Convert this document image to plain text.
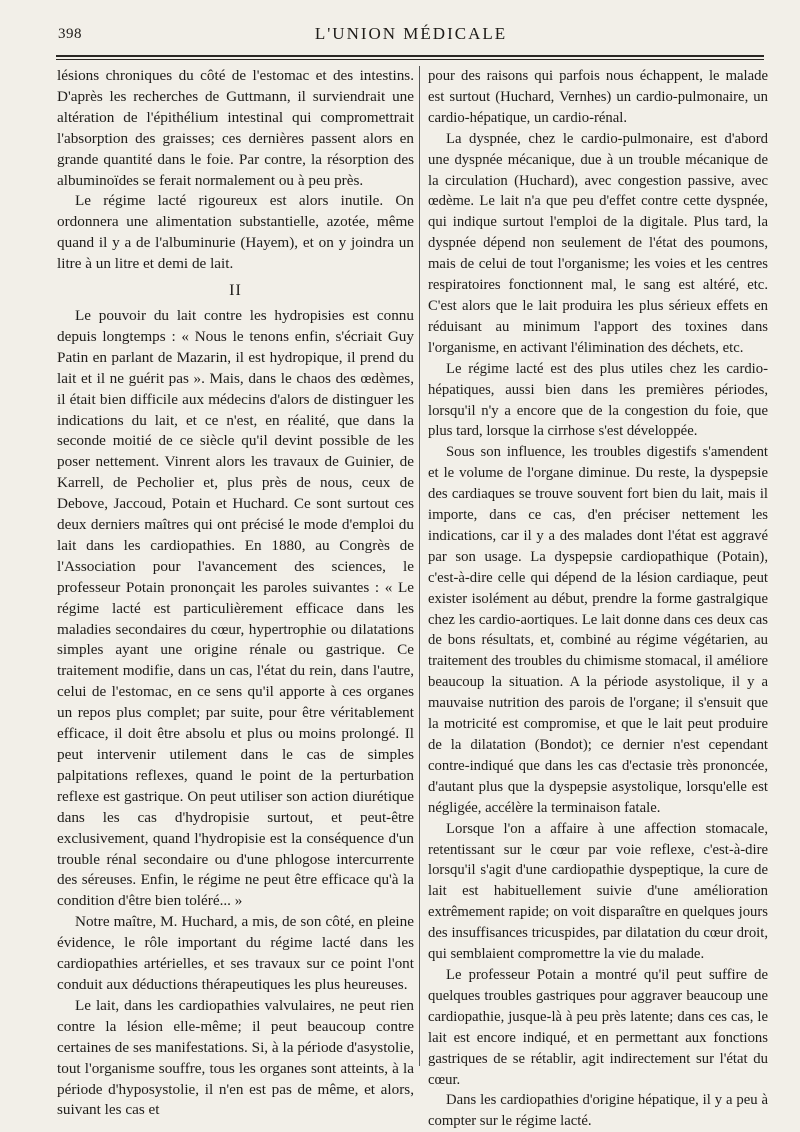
398	L'UNION MÉDICALE

lésions chroniques du côté de l'estomac et des intestins. D'après les recherches de Guttmann, il surviendrait une altération de l'épithélium intestinal qui compromettrait l'absorption des graisses; ces dernières passent alors en grande quantité dans le foie. Par contre, la résorption des albuminoïdes se ferait normalement ou à peu près.

Le régime lacté rigoureux est alors inutile. On ordonnera une alimentation substantielle, azotée, même quand il y a de l'albuminurie (Hayem), et on y joindra un litre à un litre et demi de lait.

II

Le pouvoir du lait contre les hydropisies est connu depuis longtemps : « Nous le tenons enfin, s'écriait Guy Patin en parlant de Mazarin, il est hydropique, il prend du lait et il ne guérit pas ». Mais, dans le chaos des œdèmes, il était bien difficile aux médecins d'alors de distinguer les indications du lait, et ce n'est, en réalité, que dans la seconde moitié de ce siècle qu'il devint possible de les poser nettement. Vinrent alors les travaux de Guinier, de Karrell, de Pecholier et, plus près de nous, ceux de Debove, Jaccoud, Potain et Huchard. Ce sont surtout ces deux derniers maîtres qui ont précisé le mode d'emploi du lait dans les cardiopathies. En 1880, au Congrès de l'Association pour l'avancement des sciences, le professeur Potain prononçait les paroles suivantes : « Le régime lacté est particulièrement efficace dans les maladies secondaires du cœur, hypertrophie ou dilatations simples ayant une origine rénale ou gastrique. Ce traitement modifie, dans un cas, l'état du rein, dans l'autre, celui de l'estomac, en ce sens qu'il apporte à ces organes un repos plus complet; par suite, pour être véritablement efficace, il doit être absolu et plus ou moins prolongé. Il peut intervenir utilement dans le cas de simples palpitations reflexes, quand le point de la perturbation reflexe est gastrique. On peut utiliser son action diurétique dans les cas d'hydropisie surtout, et peut-être exclusivement, quand l'hydropisie est la conséquence d'un trouble rénal secondaire ou d'une phlogose intercurrente des séreuses. Enfin, le régime ne peut être efficace qu'à la condition d'être bien toléré... »

Notre maître, M. Huchard, a mis, de son côté, en pleine évidence, le rôle important du régime lacté dans les cardiopathies artérielles, et ses travaux sur ce point l'ont conduit aux déductions thérapeutiques les plus heureuses.

Le lait, dans les cardiopathies valvulaires, ne peut rien contre la lésion elle-même; il peut beaucoup contre certaines de ses manifestations. Si, à la période d'asystolie, tout l'organisme souffre, tous les organes sont atteints, à la période d'hyposystolie, il n'en est pas de même, et alors, suivant les cas et

pour des raisons qui parfois nous échappent, le malade est surtout (Huchard, Vernhes) un cardio-pulmonaire, un cardio-hépatique, un cardio-rénal.

La dyspnée, chez le cardio-pulmonaire, est d'abord une dyspnée mécanique, due à un trouble mécanique de la circulation (Huchard), avec congestion passive, avec œdème. Le lait n'a que peu d'effet contre cette dyspnée, qui indique surtout l'emploi de la digitale. Plus tard, la dyspnée dépend non seulement de l'état des poumons, mais de celui de tout l'organisme; les voies et les centres respiratoires fonctionnent mal, le sang est altéré, etc. C'est alors que le lait produira les plus sérieux effets en réduisant au minimum l'apport des toxines dans l'organisme, en activant l'élimination des déchets, etc.

Le régime lacté est des plus utiles chez les cardio-hépatiques, aussi bien dans les premières périodes, lorsqu'il n'y a encore que de la congestion du foie, que plus tard, lorsque la cirrhose s'est développée.

Sous son influence, les troubles digestifs s'amendent et le volume de l'organe diminue. Du reste, la dyspepsie des cardiaques se trouve souvent fort bien du lait, mais il importe, dans ce cas, d'en préciser nettement les indications, car il y a des malades dont l'état est aggravé par son usage. La dyspepsie cardiopathique (Potain), c'est-à-dire celle qui dépend de la lésion cardiaque, peut exister isolément au début, prendre la forme gastralgique chez les cardio-aortiques. Le lait donne dans ces deux cas de bons résultats, et, combiné au régime végétarien, au traitement des troubles du chimisme stomacal, il améliore beaucoup la situation. A la période asystolique, il y a mauvaise nutrition des parois de l'organe; il s'ensuit que la motricité est compromise, et que le lait peut produire de la dilatation (Bondot); ce dernier n'est cependant contre-indiqué que dans les cas d'ectasie très prononcée, d'autant plus que la dyspepsie asystolique, lorsqu'elle est négligée, accélère la terminaison fatale.

Lorsque l'on a affaire à une affection stomacale, retentissant sur le cœur par voie reflexe, c'est-à-dire lorsqu'il s'agit d'une cardiopathie dyspeptique, la cure de lait est habituellement suivie d'une amélioration extrêmement rapide; on voit disparaître en quelques jours des insuffisances tricuspides, par dilatation du cœur droit, qui semblaient compromettre la vie du malade.

Le professeur Potain a montré qu'il peut suffire de quelques troubles gastriques pour aggraver beaucoup une cardiopathie, jusque-là à peu près latente; dans ces cas, le lait est encore indiqué, et en permettant aux fonctions gastriques de se rétablir, agit indirectement sur l'état du cœur.

Dans les cardiopathies d'origine hépatique, il y a peu à compter sur le régime lacté.
